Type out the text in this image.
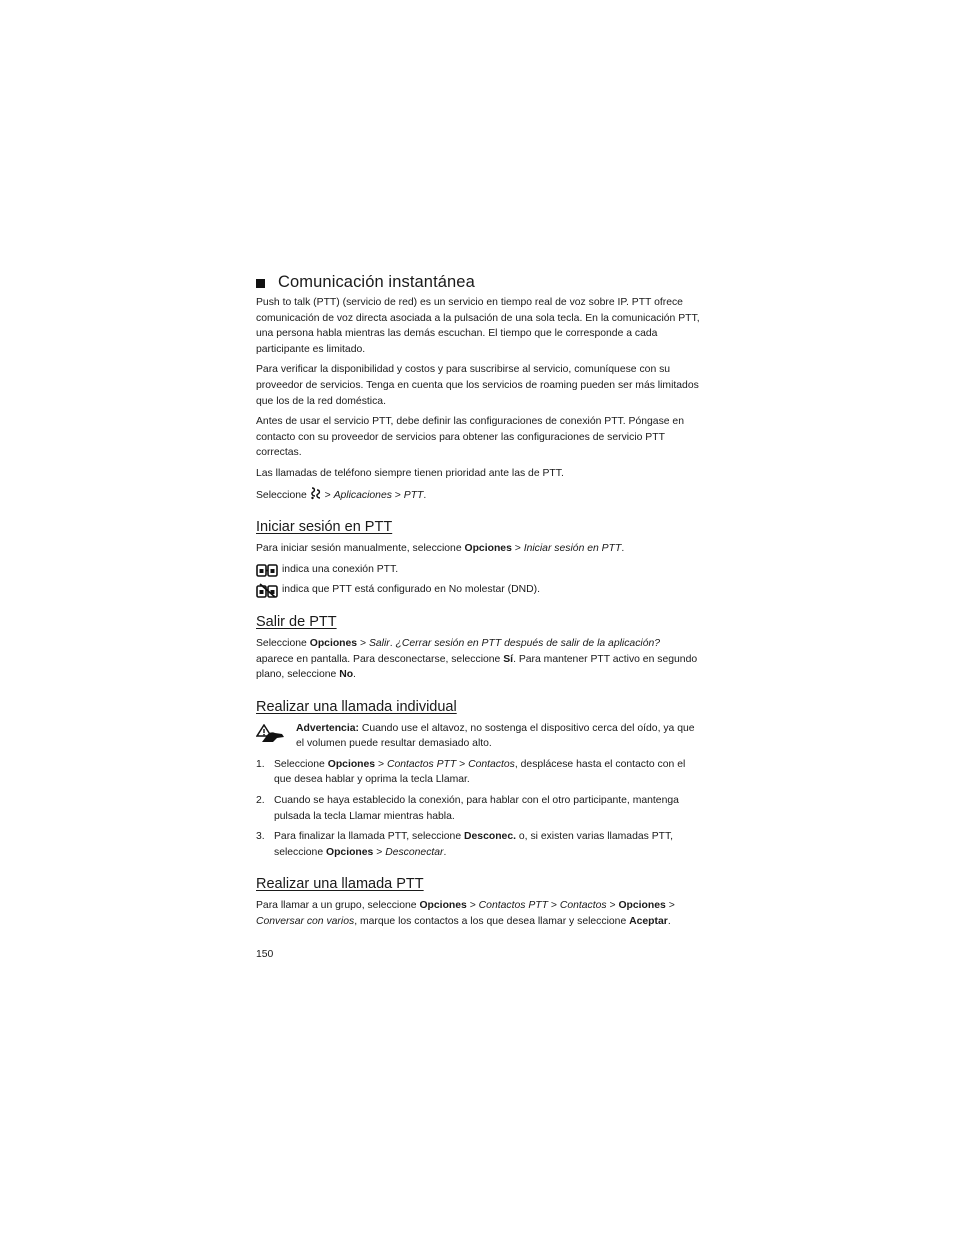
Comunicación instantánea

Push to talk (PTT) (servicio de red) es un servicio en tiempo real de voz sobre IP. PTT ofrece comunicación de voz directa asociada a la pulsación de una sola tecla. En la comunicación PTT, una persona habla mientras las demás escuchan. El tiempo que le corresponde a cada participante es limitado.

Para verificar la disponibilidad y costos y para suscribirse al servicio, comuníquese con su proveedor de servicios. Tenga en cuenta que los servicios de roaming pueden ser más limitados que los de la red doméstica.

Antes de usar el servicio PTT, debe definir las configuraciones de conexión PTT. Póngase en contacto con su proveedor de servicios para obtener las configuraciones de servicio PTT correctas.

Las llamadas de teléfono siempre tienen prioridad ante las de PTT.

Seleccione  > Aplicaciones > PTT.

Iniciar sesión en PTT

Para iniciar sesión manualmente, seleccione Opciones > Iniciar sesión en PTT.

indica una conexión PTT.

indica que PTT está configurado en No molestar (DND).

Salir de PTT

Seleccione Opciones > Salir. ¿Cerrar sesión en PTT después de salir de la aplicación? aparece en pantalla. Para desconectarse, seleccione Sí. Para mantener PTT activo en segundo plano, seleccione No.

Realizar una llamada individual

Advertencia: Cuando use el altavoz, no sostenga el dispositivo cerca del oído, ya que el volumen puede resultar demasiado alto.

1. Seleccione Opciones > Contactos PTT > Contactos, desplácese hasta el contacto con el que desea hablar y oprima la tecla Llamar.

2. Cuando se haya establecido la conexión, para hablar con el otro participante, mantenga pulsada la tecla Llamar mientras habla.

3. Para finalizar la llamada PTT, seleccione Desconec. o, si existen varias llamadas PTT, seleccione Opciones > Desconectar.

Realizar una llamada PTT

Para llamar a un grupo, seleccione Opciones > Contactos PTT > Contactos > Opciones > Conversar con varios, marque los contactos a los que desea llamar y seleccione Aceptar.

150
